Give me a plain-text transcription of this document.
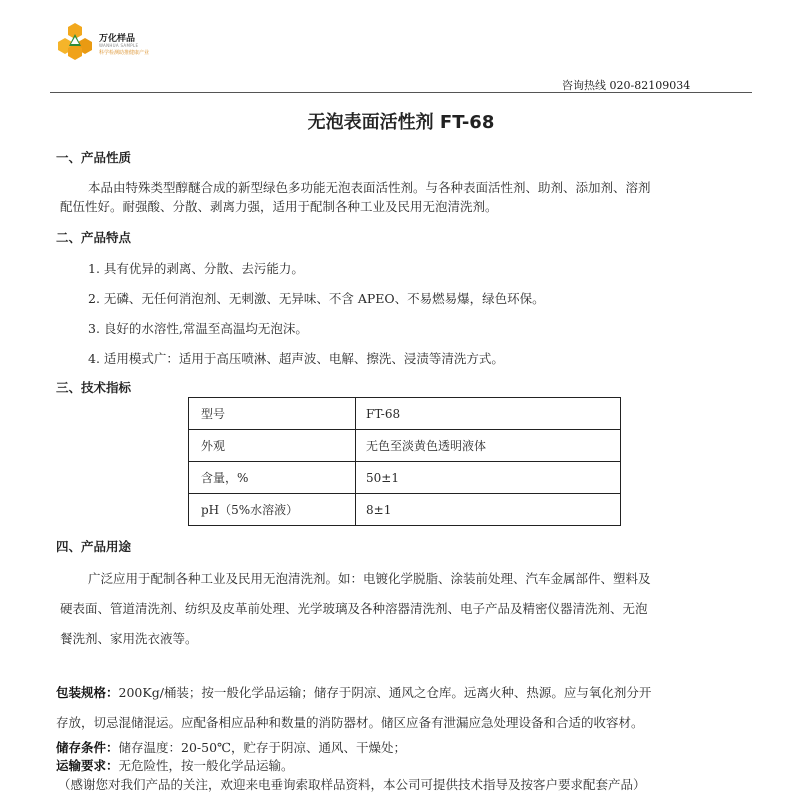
万化样品
WANHUA SAMPLE
科学检测助推健康产业
咨询热线 020-82109034
无泡表面活性剂 FT-68
一、产品性质
本品由特殊类型醇醚合成的新型绿色多功能无泡表面活性剂。与各种表面活性剂、助剂、添加剂、溶剂
配伍性好。耐强酸、分散、剥离力强，适用于配制各种工业及民用无泡清洗剂。
二、产品特点
1. 具有优异的剥离、分散、去污能力。
2. 无磷、无任何消泡剂、无刺激、无异味、不含 APEO、不易燃易爆，绿色环保。
3. 良好的水溶性,常温至高温均无泡沫。
4. 适用模式广：适用于高压喷淋、超声波、电解、擦洗、浸渍等清洗方式。
三、技术指标
型号	FT-68
外观	无色至淡黄色透明液体
含量，%	50±1
pH（5%水溶液）	8±1
四、产品用途
广泛应用于配制各种工业及民用无泡清洗剂。如：电镀化学脱脂、涂装前处理、汽车金属部件、塑料及
硬表面、管道清洗剂、纺织及皮革前处理、光学玻璃及各种溶器清洗剂、电子产品及精密仪器清洗剂、无泡
餐洗剂、家用洗衣液等。
包装规格：200Kg/桶装；按一般化学品运输；储存于阴凉、通风之仓库。远离火种、热源。应与氧化剂分开
存放，切忌混储混运。应配备相应品种和数量的消防器材。储区应备有泄漏应急处理设备和合适的收容材。
储存条件：储存温度：20-50℃，贮存于阴凉、通风、干燥处；
运输要求：无危险性，按一般化学品运输。
（感谢您对我们产品的关注，欢迎来电垂询索取样品资料，本公司可提供技术指导及按客户要求配套产品）
